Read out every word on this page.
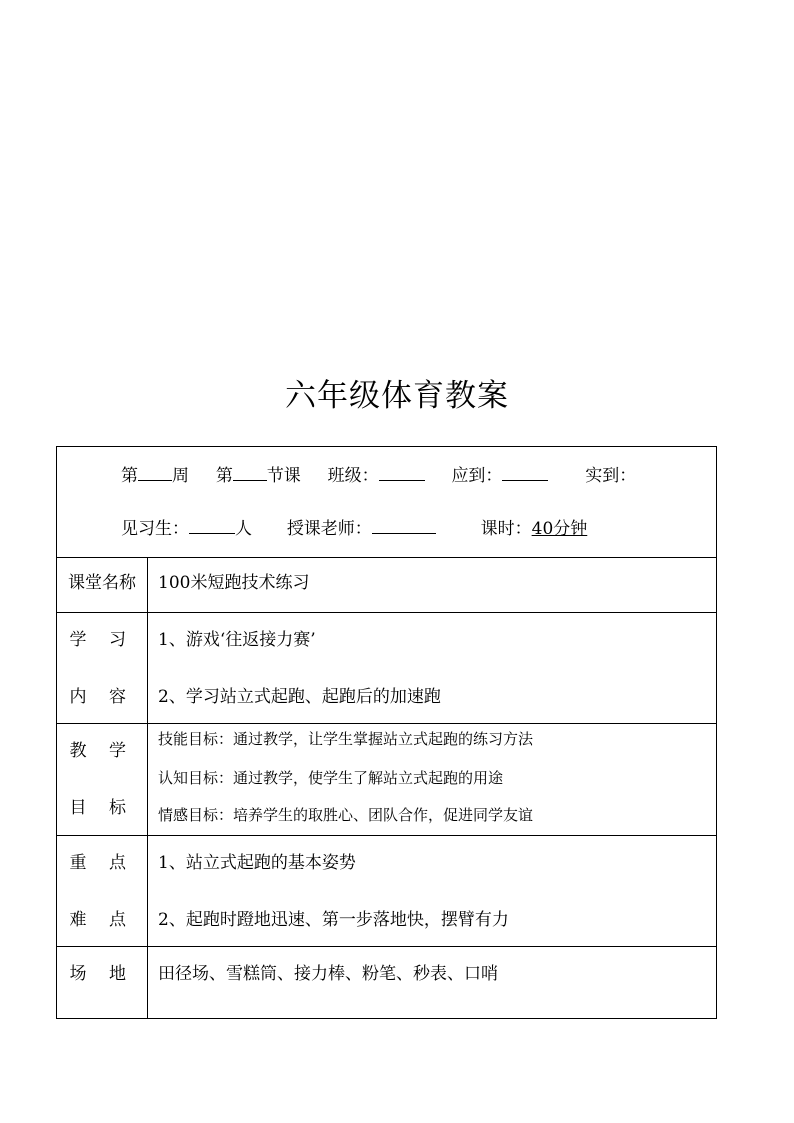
六年级体育教案
第 周 第 节课 班级： 应到： 实到：
见习生： 人 授课老师： 课时：40分钟	

课堂名称	100米短跑技术练习

学 习
内 容	1、游戏‘往返接力赛’
2、学习站立式起跑、起跑后的加速跑

教 学
目 标	技能目标：通过教学，让学生掌握站立式起跑的练习方法
认知目标：通过教学，使学生了解站立式起跑的用途
情感目标：培养学生的取胜心、团队合作，促进同学友谊

重 点
难 点	1、站立式起跑的基本姿势
2、起跑时蹬地迅速、第一步落地快，摆臂有力

场 地	田径场、雪糕筒、接力棒、粉笔、秒表、口哨
